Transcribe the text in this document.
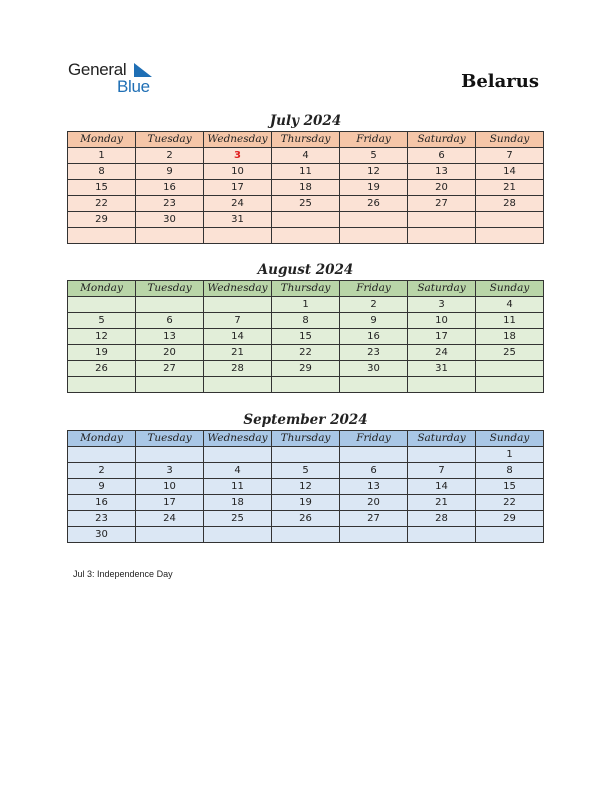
General
Blue	Belarus
July 2024
Monday	Tuesday	Wednesday	Thursday	Friday	Saturday	Sunday
1	2	3	4	5	6	7
8	9	10	11	12	13	14
15	16	17	18	19	20	21
22	23	24	25	26	27	28
29	30	31				

August 2024
Monday	Tuesday	Wednesday	Thursday	Friday	Saturday	Sunday
			1	2	3	4
5	6	7	8	9	10	11
12	13	14	15	16	17	18
19	20	21	22	23	24	25
26	27	28	29	30	31	

September 2024
Monday	Tuesday	Wednesday	Thursday	Friday	Saturday	Sunday
						1
2	3	4	5	6	7	8
9	10	11	12	13	14	15
16	17	18	19	20	21	22
23	24	25	26	27	28	29
30						
Jul 3: Independence Day
